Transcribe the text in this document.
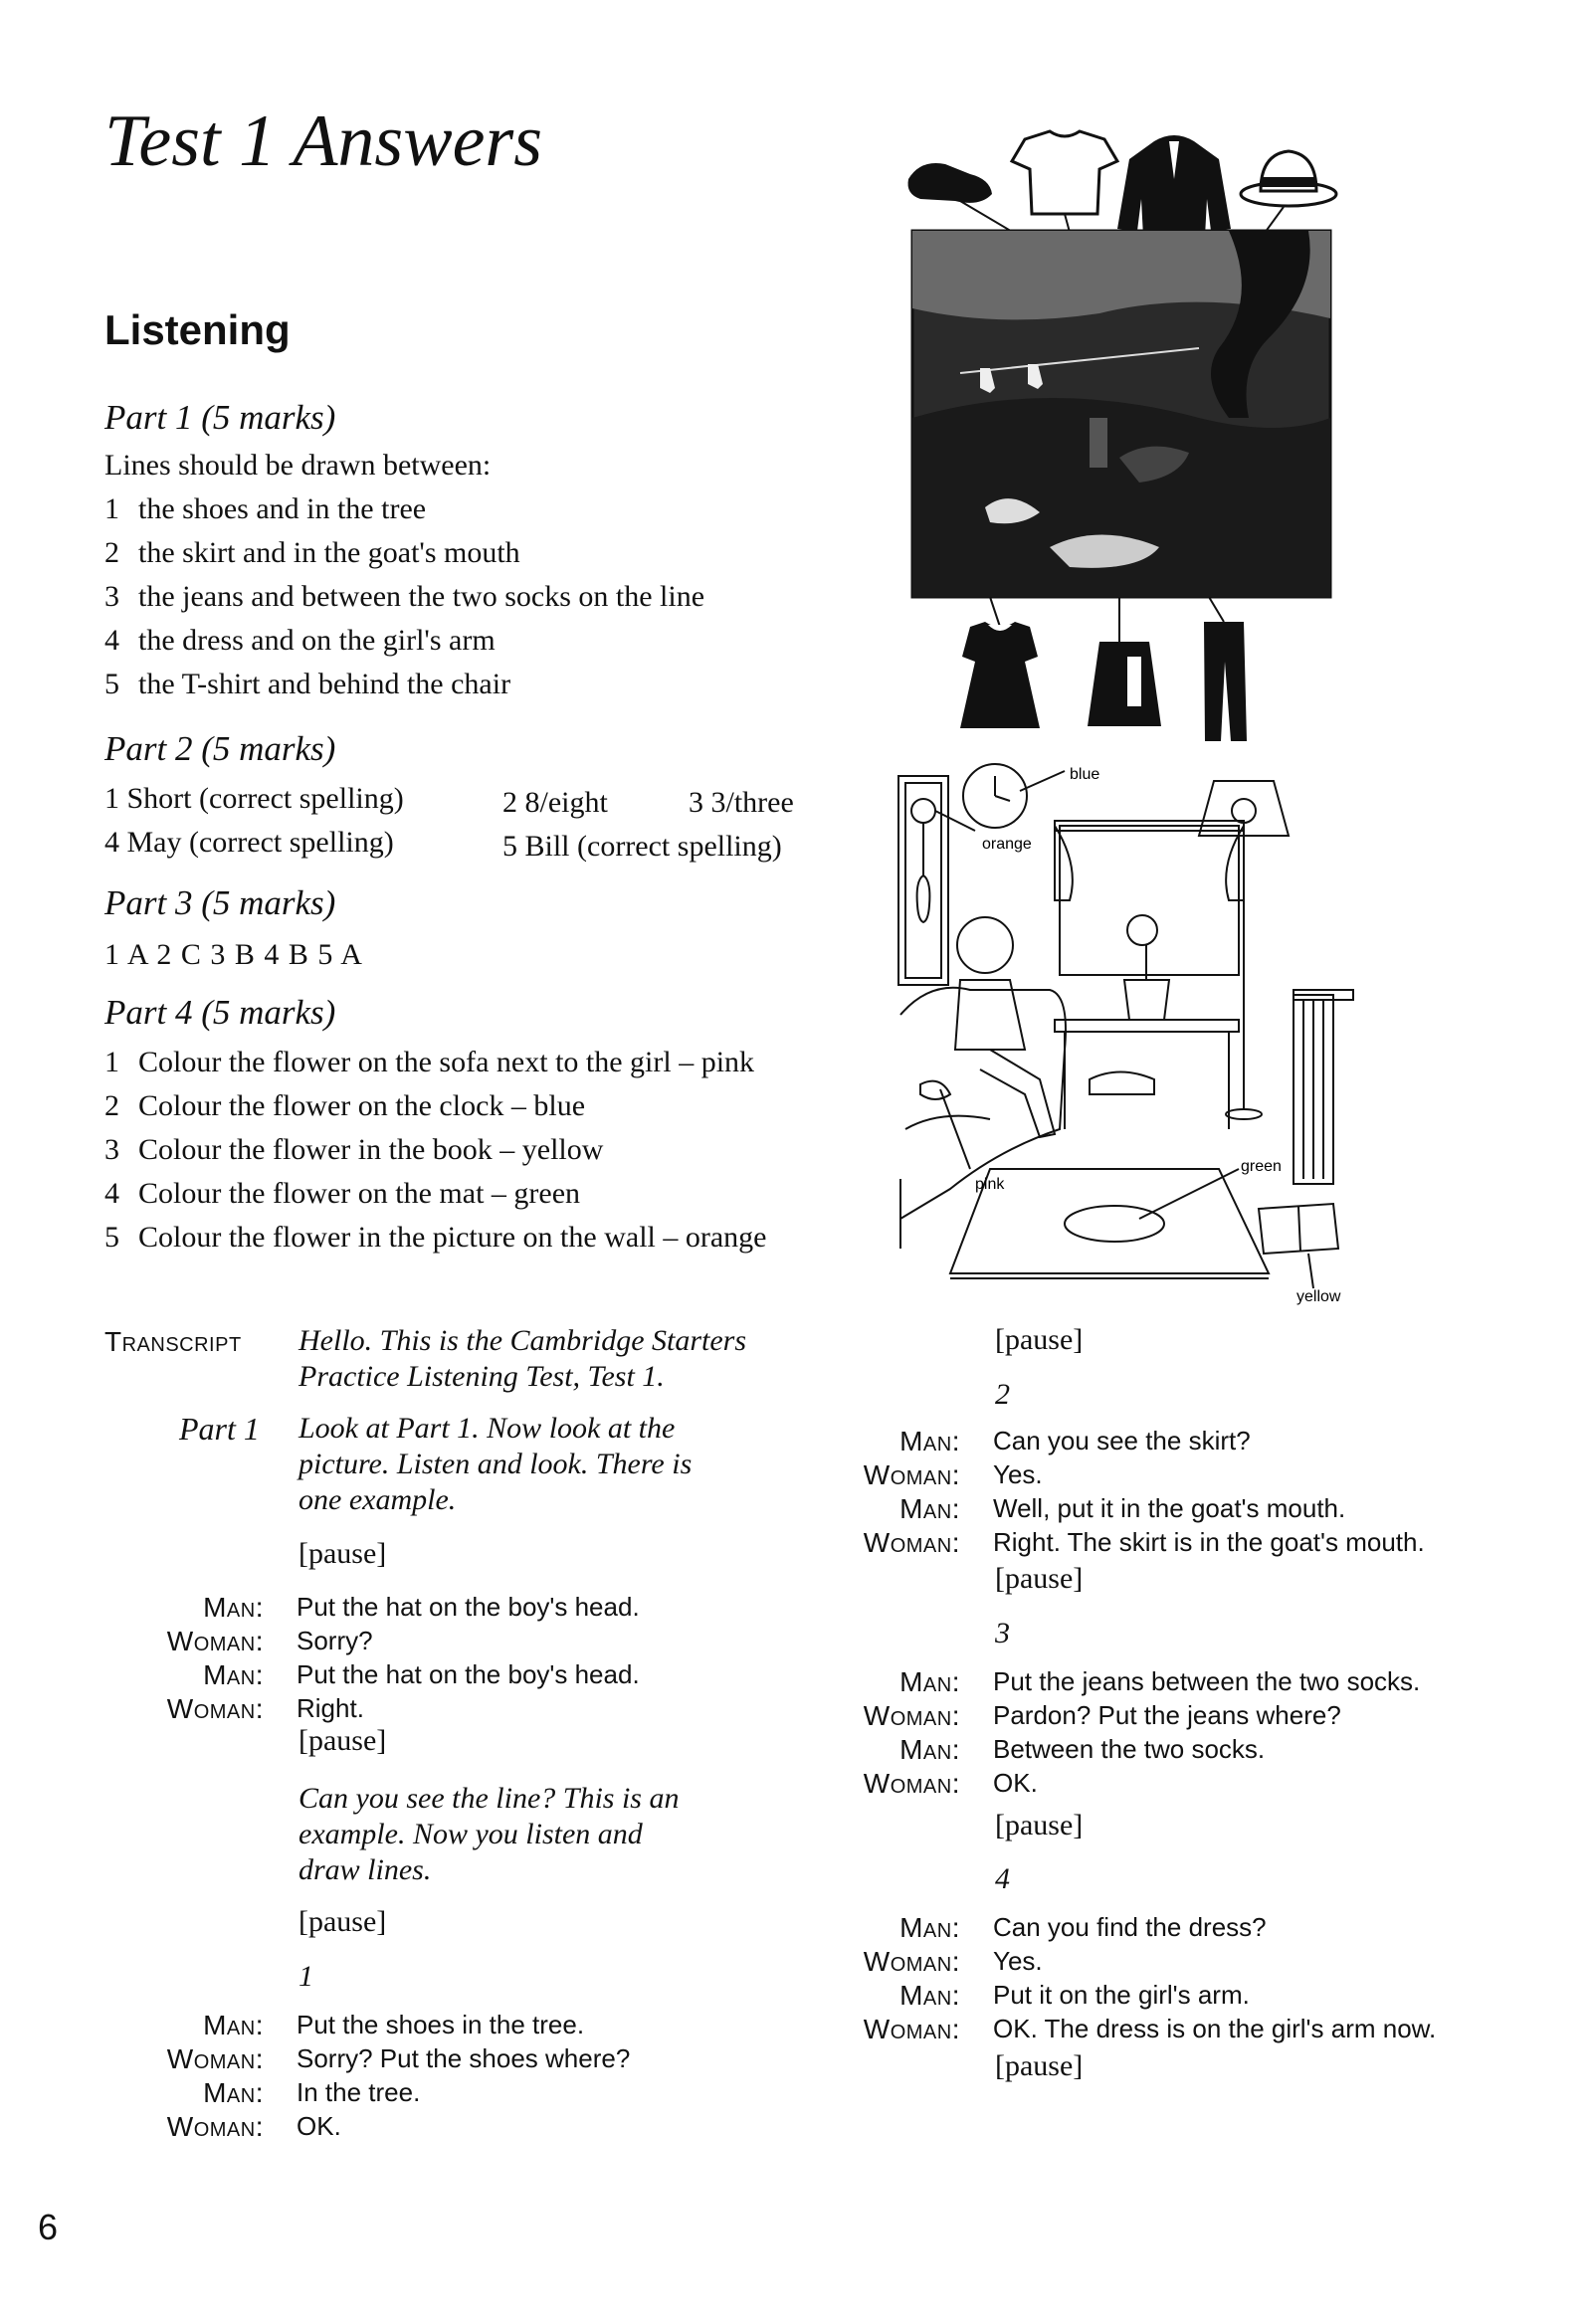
Test 1 Answers
Listening

Part 1 (5 marks)

Lines should be drawn between:
1 the shoes and in the tree
2 the skirt and in the goat's mouth
3 the jeans and between the two socks on the line
4 the dress and on the girl's arm
5 the T-shirt and behind the chair

Part 2 (5 marks)

1 Short (correct spelling)	2 8/eight	3 3/three
4 May (correct spelling)	5 Bill (correct spelling)

Part 3 (5 marks)

1 A 2 C 3 B 4 B 5 A

Part 4 (5 marks)

1 Colour the flower on the sofa next to the girl – pink
2 Colour the flower on the clock – blue
3 Colour the flower in the book – yellow
4 Colour the flower on the mat – green
5 Colour the flower in the picture on the wall – orange
blue
orange
green
pink
yellow
Transcript Hello. This is the Cambridge Starters
Practice Listening Test, Test 1.
Part 1 Look at Part 1. Now look at the
picture. Listen and look. There is
one example.
[pause]
Man: Put the hat on the boy's head.
Woman: Sorry?
Man: Put the hat on the boy's head.
Woman: Right.
[pause]
Can you see the line? This is an
example. Now you listen and
draw lines.
[pause]
1
Man: Put the shoes in the tree.
Woman: Sorry? Put the shoes where?
Man: In the tree.
Woman: OK.
[pause]
2
Man: Can you see the skirt?
Woman: Yes.
Man: Well, put it in the goat's mouth.
Woman: Right. The skirt is in the goat's mouth.
[pause]
3
Man: Put the jeans between the two socks.
Woman: Pardon? Put the jeans where?
Man: Between the two socks.
Woman: OK.
[pause]
4
Man: Can you find the dress?
Woman: Yes.
Man: Put it on the girl's arm.
Woman: OK. The dress is on the girl's arm now.
[pause]
6
